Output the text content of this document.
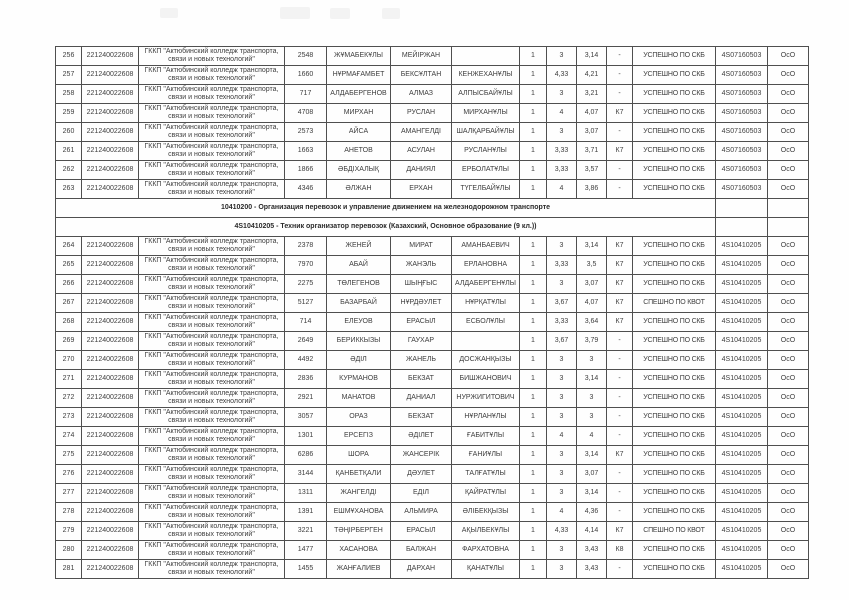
256	221240022608	ГККП "Актюбинский колледж транспорта,
связи и новых технологий"	2548	ЖҰМАБЕКҰЛЫ	МЕЙІРЖАН		1	3	3,14	-	УСПЕШНО ПО СКБ	4S07160503	ОсО
257	221240022608	ГККП "Актюбинский колледж транспорта,
связи и новых технологий"	1660	НҰРМАҒАМБЕТ	БЕКСҰЛТАН	КЕНЖЕХАНҰЛЫ	1	4,33	4,21	-	УСПЕШНО ПО СКБ	4S07160503	ОсО
258	221240022608	ГККП "Актюбинский колледж транспорта,
связи и новых технологий"	717	АЛДАБЕРГЕНОВ	АЛМАЗ	АЛПЫСБАЙҰЛЫ	1	3	3,21	-	УСПЕШНО ПО СКБ	4S07160503	ОсО
259	221240022608	ГККП "Актюбинский колледж транспорта,
связи и новых технологий"	4708	МИРХАН	РУСЛАН	МИРХАНҰЛЫ	1	4	4,07	К7	УСПЕШНО ПО СКБ	4S07160503	ОсО
260	221240022608	ГККП "Актюбинский колледж транспорта,
связи и новых технологий"	2573	АЙСА	АМАНГЕЛДІ	ШАЛҚАРБАЙҰЛЫ	1	3	3,07	-	УСПЕШНО ПО СКБ	4S07160503	ОсО
261	221240022608	ГККП "Актюбинский колледж транспорта,
связи и новых технологий"	1663	АНЕТОВ	АСУЛАН	РУСЛАНҰЛЫ	1	3,33	3,71	К7	УСПЕШНО ПО СКБ	4S07160503	ОсО
262	221240022608	ГККП "Актюбинский колледж транспорта,
связи и новых технологий"	1866	ӘБДІХАЛЫҚ	ДАНИЯЛ	ЕРБОЛАТҰЛЫ	1	3,33	3,57	-	УСПЕШНО ПО СКБ	4S07160503	ОсО
263	221240022608	ГККП "Актюбинский колледж транспорта,
связи и новых технологий"	4346	ӘЛЖАН	ЕРХАН	ТҮГЕЛБАЙҰЛЫ	1	4	3,86	-	УСПЕШНО ПО СКБ	4S07160503	ОсО
10410200 - Организация перевозок и управление движением на железнодорожном транспорте													
4S10410205 - Техник организатор перевозок (Казахский, Основное образование (9 кл.))													
264	221240022608	ГККП "Актюбинский колледж транспорта,
связи и новых технологий"	2378	ЖЕНЕЙ	МИРАТ	АМАНБАЕВИЧ	1	3	3,14	К7	УСПЕШНО ПО СКБ	4S10410205	ОсО
265	221240022608	ГККП "Актюбинский колледж транспорта,
связи и новых технологий"	7970	АБАЙ	ЖАНЭЛЬ	ЕРЛАНОВНА	1	3,33	3,5	К7	УСПЕШНО ПО СКБ	4S10410205	ОсО
266	221240022608	ГККП "Актюбинский колледж транспорта,
связи и новых технологий"	2275	ТӨЛЕГЕНОВ	ШЫҢҒЫС	АЛДАБЕРГЕНҰЛЫ	1	3	3,07	К7	УСПЕШНО ПО СКБ	4S10410205	ОсО
267	221240022608	ГККП "Актюбинский колледж транспорта,
связи и новых технологий"	5127	БАЗАРБАЙ	НҰРДӘУЛЕТ	НҰРҚАТҰЛЫ	1	3,67	4,07	К7	СПЕШНО ПО КВОТ	4S10410205	ОсО
268	221240022608	ГККП "Актюбинский колледж транспорта,
связи и новых технологий"	714	ЕЛЕУОВ	ЕРАСЫЛ	ЕСБОЛҰЛЫ	1	3,33	3,64	К7	УСПЕШНО ПО СКБ	4S10410205	ОсО
269	221240022608	ГККП "Актюбинский колледж транспорта,
связи и новых технологий"	2649	БЕРИККЫЗЫ	ГАУХАР		1	3,67	3,79	-	УСПЕШНО ПО СКБ	4S10410205	ОсО
270	221240022608	ГККП "Актюбинский колледж транспорта,
связи и новых технологий"	4492	ӘДІЛ	ЖАНЕЛЬ	ДОСЖАНҚЫЗЫ	1	3	3	-	УСПЕШНО ПО СКБ	4S10410205	ОсО
271	221240022608	ГККП "Актюбинский колледж транспорта,
связи и новых технологий"	2836	КУРМАНОВ	БЕКЗАТ	БИШЖАНОВИЧ	1	3	3,14	-	УСПЕШНО ПО СКБ	4S10410205	ОсО
272	221240022608	ГККП "Актюбинский колледж транспорта,
связи и новых технологий"	2921	МАНАТОВ	ДАНИАЛ	НУРЖИГИТОВИЧ	1	3	3	-	УСПЕШНО ПО СКБ	4S10410205	ОсО
273	221240022608	ГККП "Актюбинский колледж транспорта,
связи и новых технологий"	3057	ОРАЗ	БЕКЗАТ	НҰРЛАНҰЛЫ	1	3	3	-	УСПЕШНО ПО СКБ	4S10410205	ОсО
274	221240022608	ГККП "Актюбинский колледж транспорта,
связи и новых технологий"	1301	ЕРСЕГІЗ	ӘДІЛЕТ	ҒАБИТҰЛЫ	1	4	4	-	УСПЕШНО ПО СКБ	4S10410205	ОсО
275	221240022608	ГККП "Актюбинский колледж транспорта,
связи и новых технологий"	6286	ШОРА	ЖАНСЕРІК	ҒАНИҰЛЫ	1	3	3,14	К7	УСПЕШНО ПО СКБ	4S10410205	ОсО
276	221240022608	ГККП "Актюбинский колледж транспорта,
связи и новых технологий"	3144	ҚАНБЕТҚАЛИ	ДӘУЛЕТ	ТАЛҒАТҰЛЫ	1	3	3,07	-	УСПЕШНО ПО СКБ	4S10410205	ОсО
277	221240022608	ГККП "Актюбинский колледж транспорта,
связи и новых технологий"	1311	ЖАНГЕЛДІ	ЕДІЛ	ҚАЙРАТҰЛЫ	1	3	3,14	-	УСПЕШНО ПО СКБ	4S10410205	ОсО
278	221240022608	ГККП "Актюбинский колледж транспорта,
связи и новых технологий"	1391	ЕШМҰХАНОВА	АЛЬМИРА	ӘЛІБЕКҚЫЗЫ	1	4	4,36	-	УСПЕШНО ПО СКБ	4S10410205	ОсО
279	221240022608	ГККП "Актюбинский колледж транспорта,
связи и новых технологий"	3221	ТӘҢІРБЕРГЕН	ЕРАСЫЛ	АҚЫЛБЕКҰЛЫ	1	4,33	4,14	К7	СПЕШНО ПО КВОТ	4S10410205	ОсО
280	221240022608	ГККП "Актюбинский колледж транспорта,
связи и новых технологий"	1477	ХАСАНОВА	БАЛЖАН	ФАРХАТОВНА	1	3	3,43	К8	УСПЕШНО ПО СКБ	4S10410205	ОсО
281	221240022608	ГККП "Актюбинский колледж транспорта,
связи и новых технологий"	1455	ЖАНҒАЛИЕВ	ДАРХАН	ҚАНАТҰЛЫ	1	3	3,43	-	УСПЕШНО ПО СКБ	4S10410205	ОсО
